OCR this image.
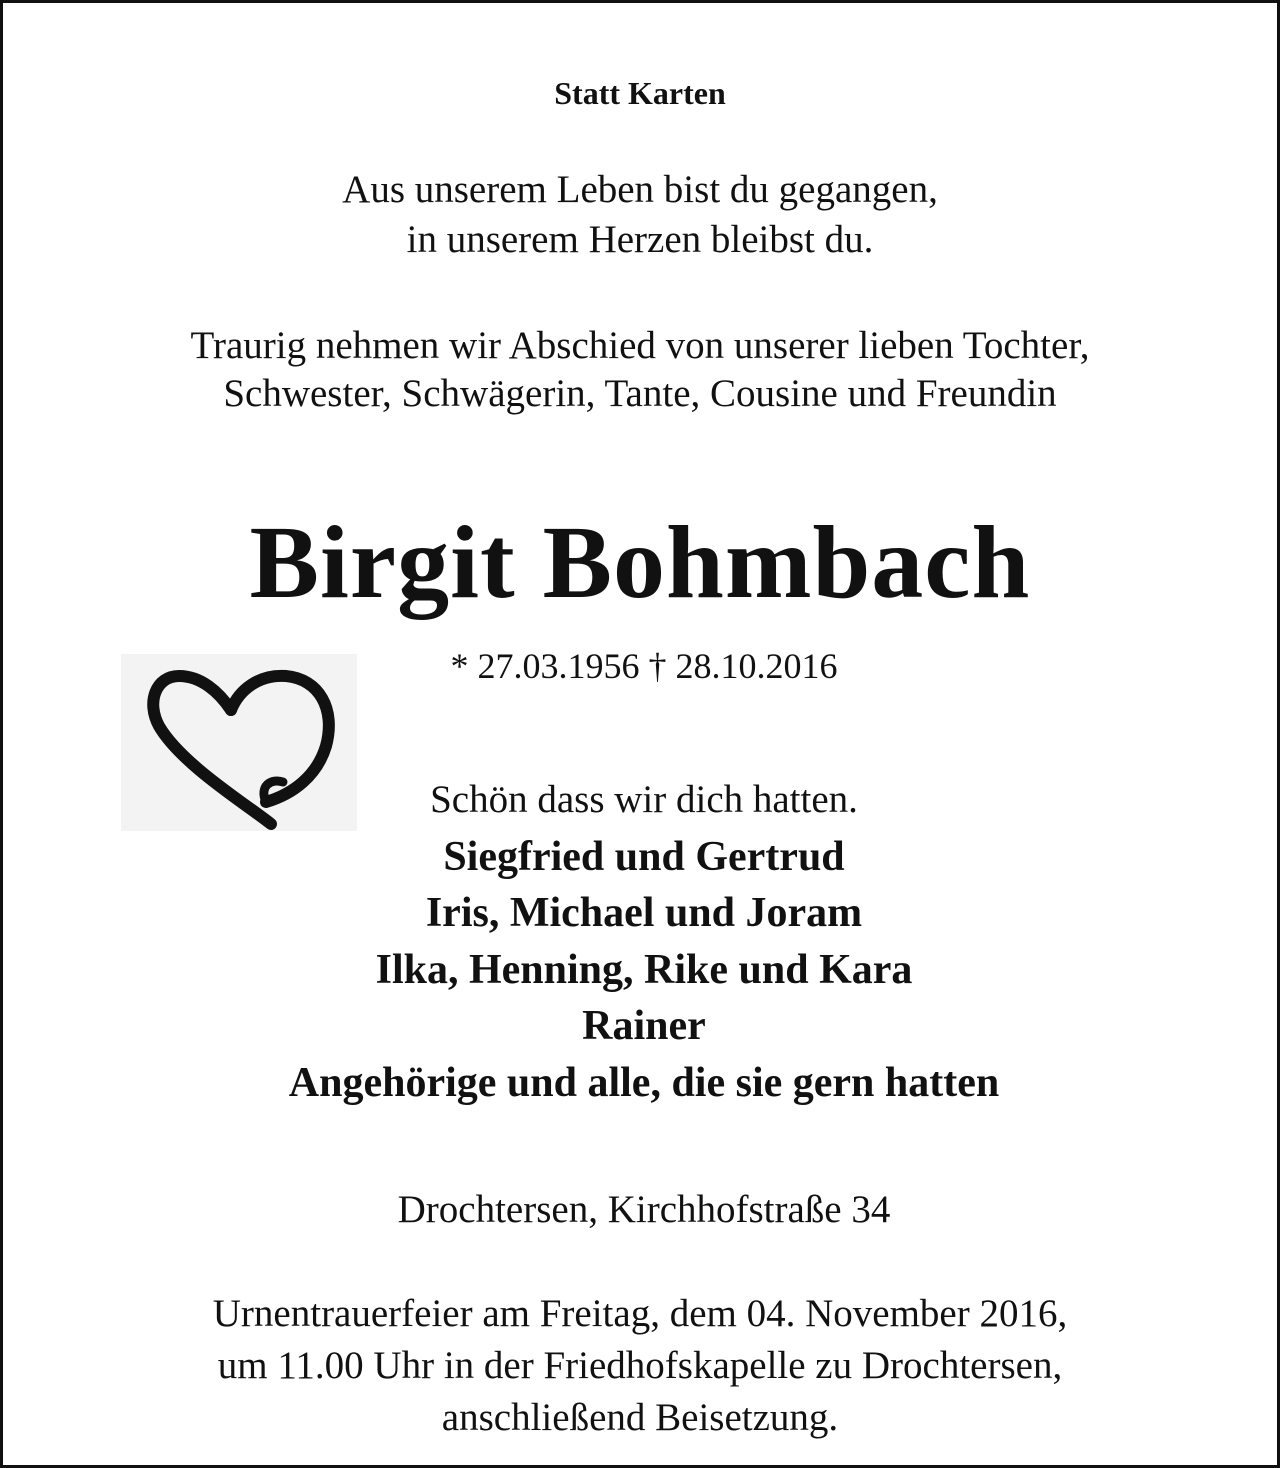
Statt Karten

Aus unserem Leben bist du gegangen,

in unserem Herzen bleibst du.

Traurig nehmen wir Abschied von unserer lieben Tochter,

Schwester, Schwägerin, Tante, Cousine und Freundin

Birgit Bohmbach

* 27.03.1956 † 28.10.2016

Schön dass wir dich hatten.

Siegfried und Gertrud

Iris, Michael und Joram

Ilka, Henning, Rike und Kara

Rainer

Angehörige und alle, die sie gern hatten

Drochtersen, Kirchhofstraße 34

Urnentrauerfeier am Freitag, dem 04. November 2016,

um 11.00 Uhr in der Friedhofskapelle zu Drochtersen,

anschließend Beisetzung.
